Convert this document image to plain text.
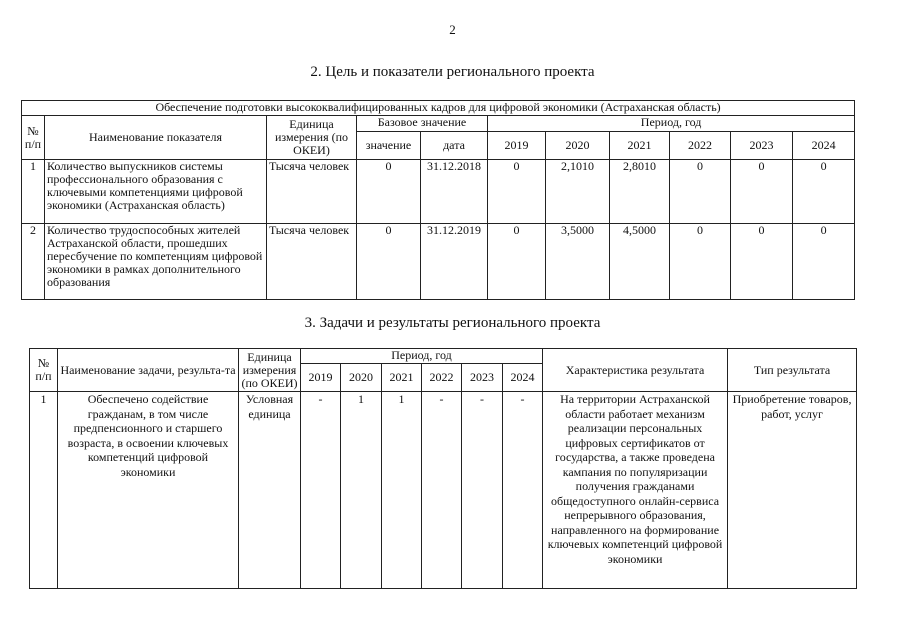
2
2. Цель и показатели регионального проекта
Обеспечение подготовки высококвалифицированных кадров для цифровой экономики (Астраханская область)										
№ п/п	Наименование показателя	Единица измерения (по ОКЕИ)	Базовое значение		Период, год					
			значение	дата	2019	2020	2021	2022	2023	2024
1	Количество выпускников системы профессионального образования с ключевыми компетенциями цифровой экономики (Астраханская область)	Тысяча человек	0	31.12.2018	0	2,1010	2,8010	0	0	0
2	Количество трудоспособных жителей Астраханской области, прошедших пересбучение по компетенциям цифровой экономики в рамках дополнительного образования	Тысяча человек	0	31.12.2019	0	3,5000	4,5000	0	0	0
3. Задачи и результаты регионального проекта
№ п/п	Наименование задачи, результа-та	Единица измерения (по ОКЕИ)	Период, год						Характеристика результата	Тип результата
			2019	2020	2021	2022	2023	2024		
1	Обеспечено содействие гражданам, в том числе предпенсионного и старшего возраста, в освоении ключевых компетенций цифровой экономики	Условная единица	-	1	1	-	-	-	На территории Астраханской области работает механизм реализации персональных цифровых сертификатов от государства, а также проведена кампания по популяризации получения гражданами общедоступного онлайн-сервиса непрерывного образования, направленного на формирование ключевых компетенций цифровой экономики	Приобретение товаров, работ, услуг
